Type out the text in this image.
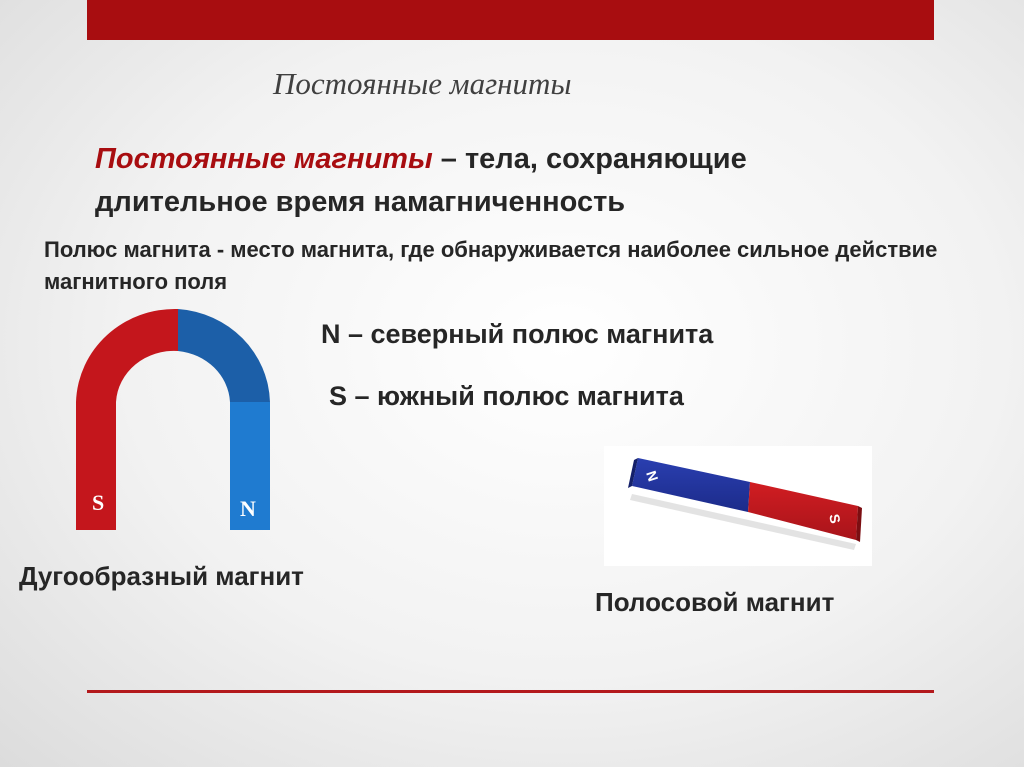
Постоянные магниты
Постоянные магниты – тела, сохраняющие
длительное время намагниченность
Полюс магнита - место магнита, где обнаруживается наиболее сильное действие магнитного поля
N – северный полюс магнита
S – южный полюс магнита
S	N
Дугообразный магнит
N
S
Полосовой магнит
